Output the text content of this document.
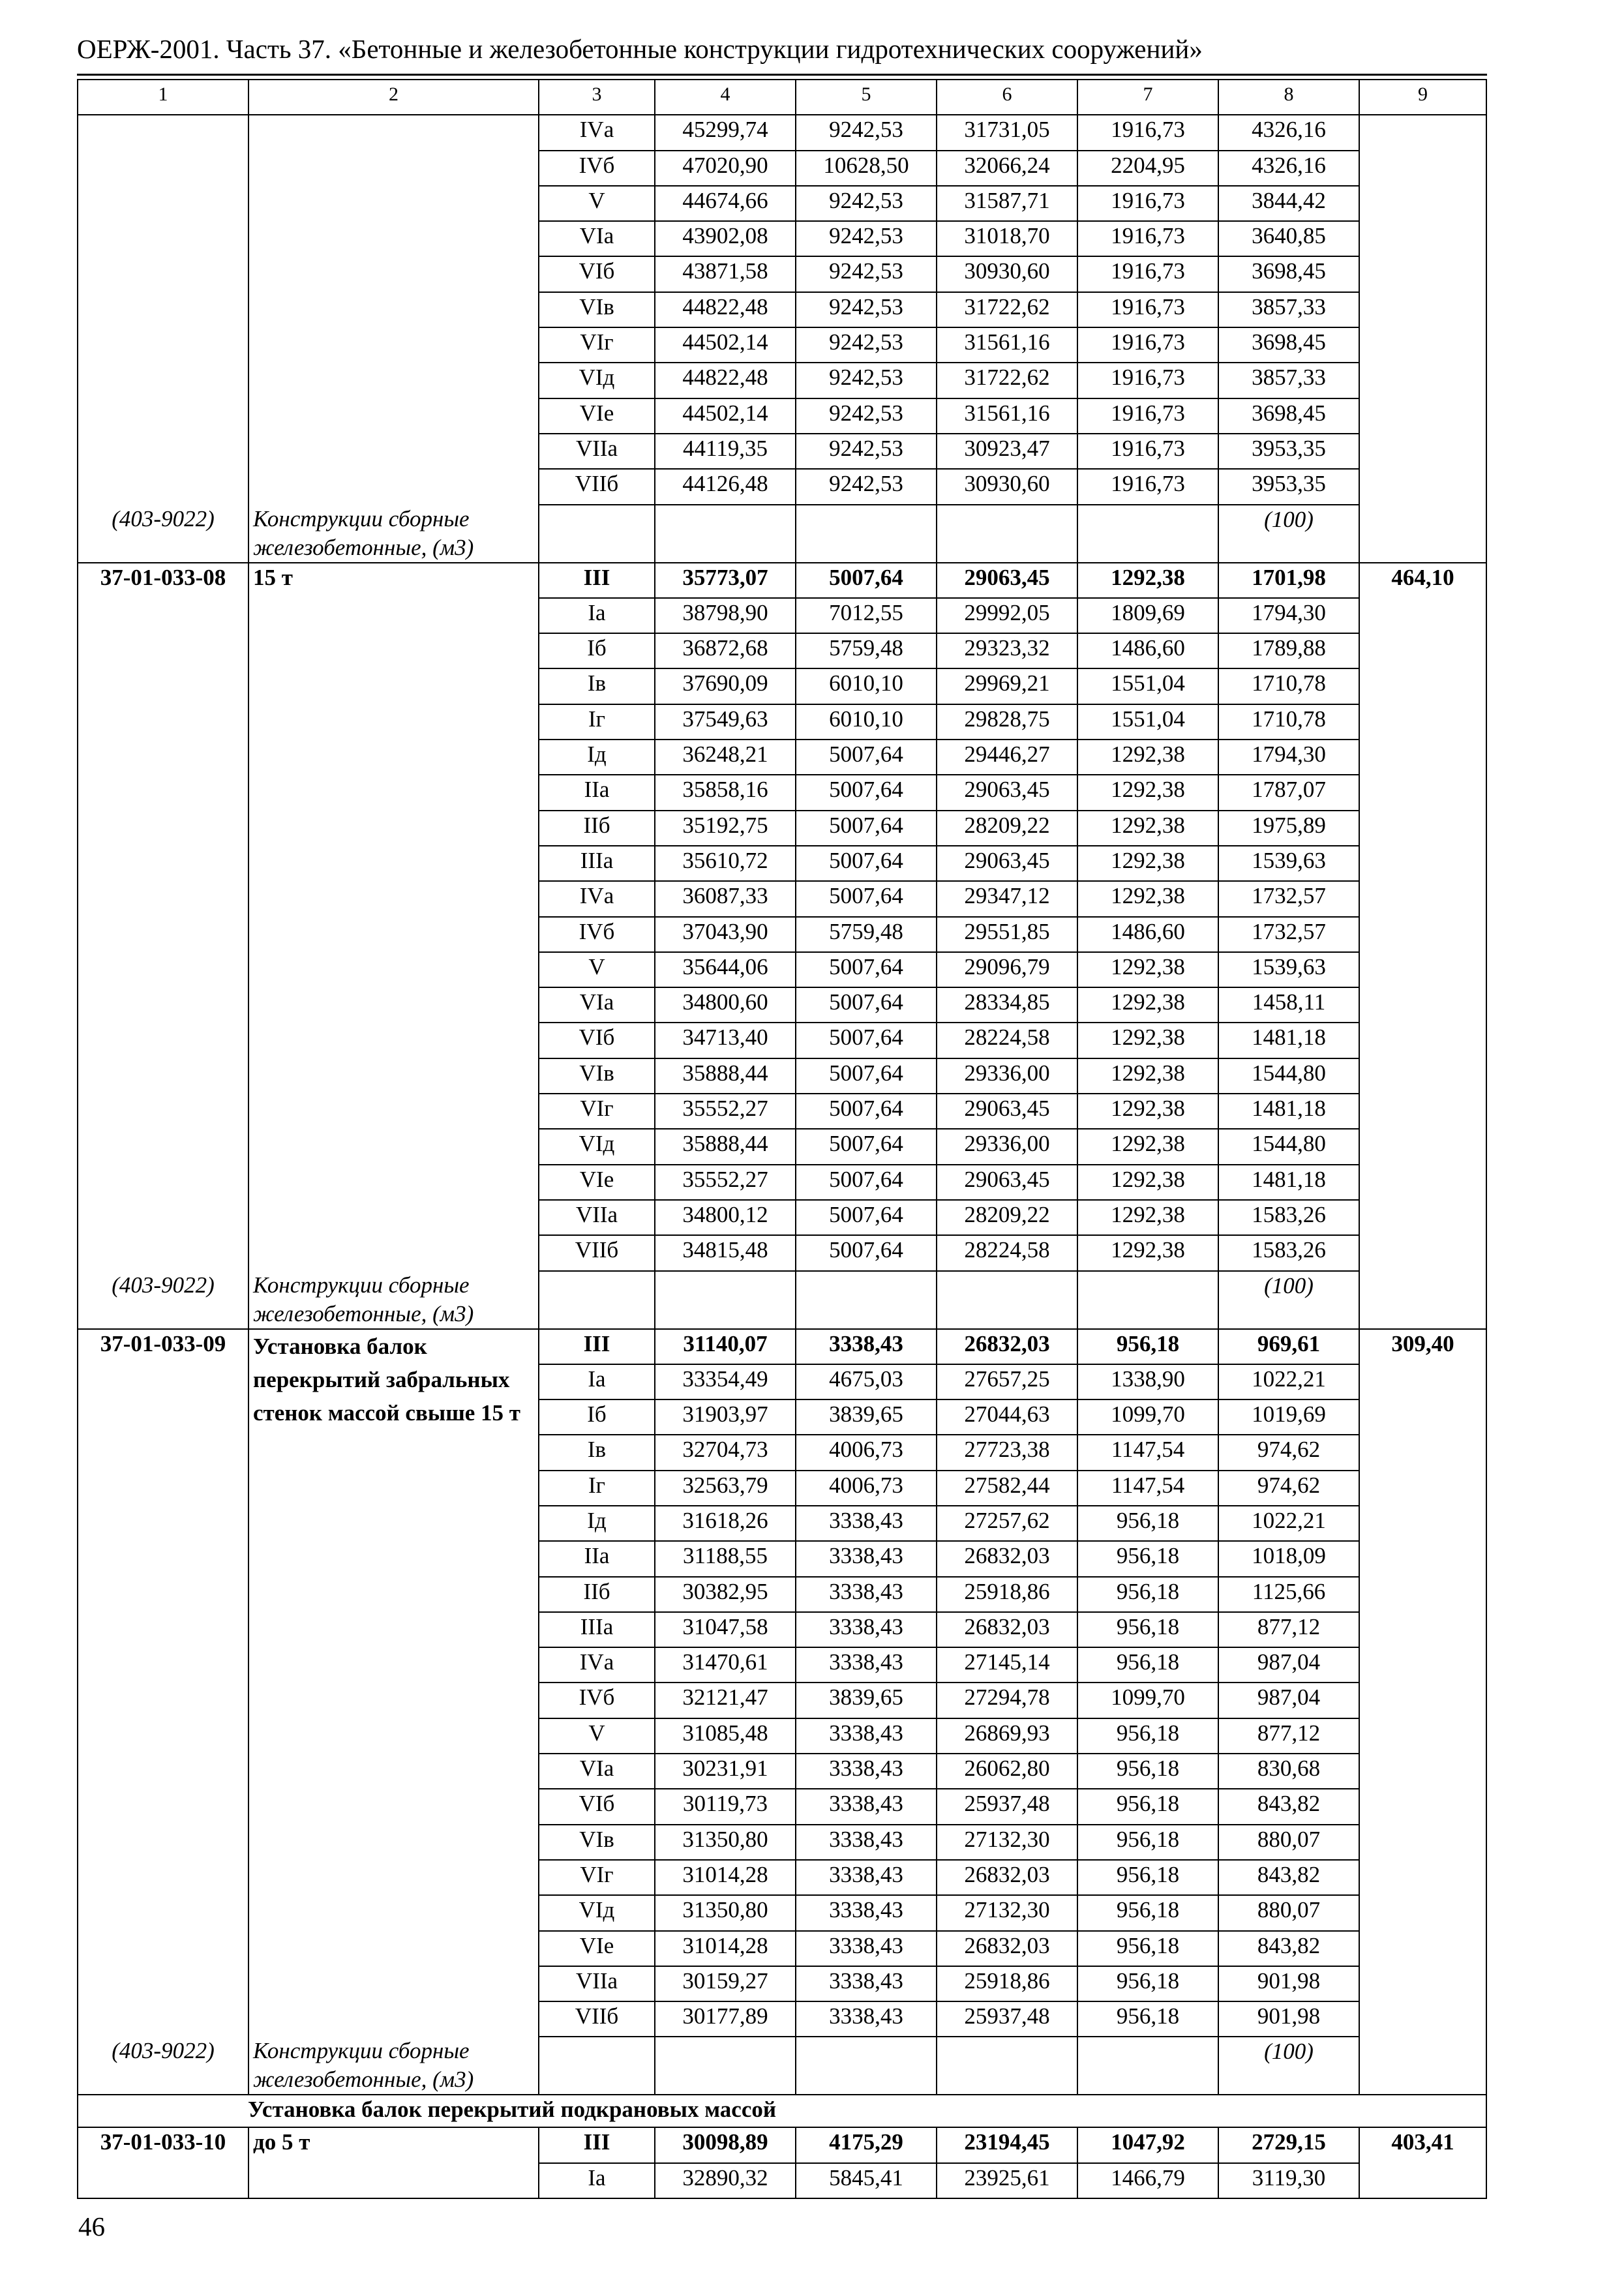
ОЕРЖ-2001. Часть 37. «Бетонные и железобетонные конструкции гидротехнических сооружений»
1	2	3	4	5	6	7	8	9
		IVа	45299,74	9242,53	31731,05	1916,73	4326,16	
		IVб	47020,90	10628,50	32066,24	2204,95	4326,16	
		V	44674,66	9242,53	31587,71	1916,73	3844,42	
		VIа	43902,08	9242,53	31018,70	1916,73	3640,85	
		VIб	43871,58	9242,53	30930,60	1916,73	3698,45	
		VIв	44822,48	9242,53	31722,62	1916,73	3857,33	
		VIг	44502,14	9242,53	31561,16	1916,73	3698,45	
		VIд	44822,48	9242,53	31722,62	1916,73	3857,33	
		VIе	44502,14	9242,53	31561,16	1916,73	3698,45	
		VIIа	44119,35	9242,53	30923,47	1916,73	3953,35	
		VIIб	44126,48	9242,53	30930,60	1916,73	3953,35	
(403-9022)	Конструкции сборные железобетонные, (м3)						(100)	
37-01-033-08	15 т	III	35773,07	5007,64	29063,45	1292,38	1701,98	464,10
		Iа	38798,90	7012,55	29992,05	1809,69	1794,30	
		Iб	36872,68	5759,48	29323,32	1486,60	1789,88	
		Iв	37690,09	6010,10	29969,21	1551,04	1710,78	
		Iг	37549,63	6010,10	29828,75	1551,04	1710,78	
		Iд	36248,21	5007,64	29446,27	1292,38	1794,30	
		IIа	35858,16	5007,64	29063,45	1292,38	1787,07	
		IIб	35192,75	5007,64	28209,22	1292,38	1975,89	
		IIIа	35610,72	5007,64	29063,45	1292,38	1539,63	
		IVа	36087,33	5007,64	29347,12	1292,38	1732,57	
		IVб	37043,90	5759,48	29551,85	1486,60	1732,57	
		V	35644,06	5007,64	29096,79	1292,38	1539,63	
		VIа	34800,60	5007,64	28334,85	1292,38	1458,11	
		VIб	34713,40	5007,64	28224,58	1292,38	1481,18	
		VIв	35888,44	5007,64	29336,00	1292,38	1544,80	
		VIг	35552,27	5007,64	29063,45	1292,38	1481,18	
		VIд	35888,44	5007,64	29336,00	1292,38	1544,80	
		VIе	35552,27	5007,64	29063,45	1292,38	1481,18	
		VIIа	34800,12	5007,64	28209,22	1292,38	1583,26	
		VIIб	34815,48	5007,64	28224,58	1292,38	1583,26	
(403-9022)	Конструкции сборные железобетонные, (м3)						(100)	
37-01-033-09	Установка балок перекрытий забральных стенок массой свыше 15 т	III	31140,07	3338,43	26832,03	956,18	969,61	309,40
		Iа	33354,49	4675,03	27657,25	1338,90	1022,21	
		Iб	31903,97	3839,65	27044,63	1099,70	1019,69	
		Iв	32704,73	4006,73	27723,38	1147,54	974,62	
		Iг	32563,79	4006,73	27582,44	1147,54	974,62	
		Iд	31618,26	3338,43	27257,62	956,18	1022,21	
		IIа	31188,55	3338,43	26832,03	956,18	1018,09	
		IIб	30382,95	3338,43	25918,86	956,18	1125,66	
		IIIа	31047,58	3338,43	26832,03	956,18	877,12	
		IVа	31470,61	3338,43	27145,14	956,18	987,04	
		IVб	32121,47	3839,65	27294,78	1099,70	987,04	
		V	31085,48	3338,43	26869,93	956,18	877,12	
		VIа	30231,91	3338,43	26062,80	956,18	830,68	
		VIб	30119,73	3338,43	25937,48	956,18	843,82	
		VIв	31350,80	3338,43	27132,30	956,18	880,07	
		VIг	31014,28	3338,43	26832,03	956,18	843,82	
		VIд	31350,80	3338,43	27132,30	956,18	880,07	
		VIе	31014,28	3338,43	26832,03	956,18	843,82	
		VIIа	30159,27	3338,43	25918,86	956,18	901,98	
		VIIб	30177,89	3338,43	25937,48	956,18	901,98	
(403-9022)	Конструкции сборные железобетонные, (м3)						(100)	
Установка балок перекрытий подкрановых массой								
37-01-033-10	до 5 т	III	30098,89	4175,29	23194,45	1047,92	2729,15	403,41
		Iа	32890,32	5845,41	23925,61	1466,79	3119,30	
46
